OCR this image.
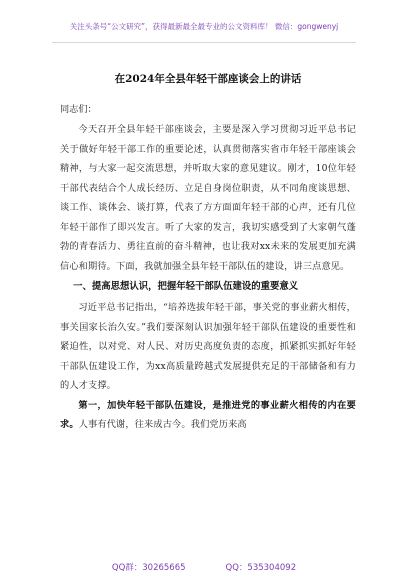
关注头条号“公文研究”，获得最新最全最专业的公文资料库！ 微信：gongwenyj

在2024年全县年轻干部座谈会上的讲话

同志们：

今天召开全县年轻干部座谈会，主要是深入学习贯彻习近平总书记关于做好年轻干部工作的重要论述，认真贯彻落实省市年轻干部座谈会精神，与大家一起交流思想，并听取大家的意见建议。刚才，10位年轻干部代表结合个人成长经历、立足自身岗位职责，从不同角度谈思想、谈工作、谈体会、谈打算，代表了方方面面年轻干部的心声，还有几位年轻干部作了即兴发言。听了大家的发言，我切实感受到了大家朝气蓬勃的青春活力、勇往直前的奋斗精神，也让我对xx未来的发展更加充满信心和期待。下面，我就加强全县年轻干部队伍的建设，讲三点意见。

一、提高思想认识，把握年轻干部队伍建设的重要意义

习近平总书记指出，“培养选拔年轻干部，事关党的事业薪火相传，事关国家长治久安。”我们要深刻认识加强年轻干部队伍建设的重要性和紧迫性，以对党、对人民、对历史高度负责的态度，抓紧抓实抓好年轻干部队伍建设工作，为xx高质量跨越式发展提供充足的干部储备和有力的人才支撑。

第一，加快年轻干部队伍建设，是推进党的事业薪火相传的内在要求。人事有代谢，往来成古今。我们党历来高

QQ群：30265665	QQ：535304092
